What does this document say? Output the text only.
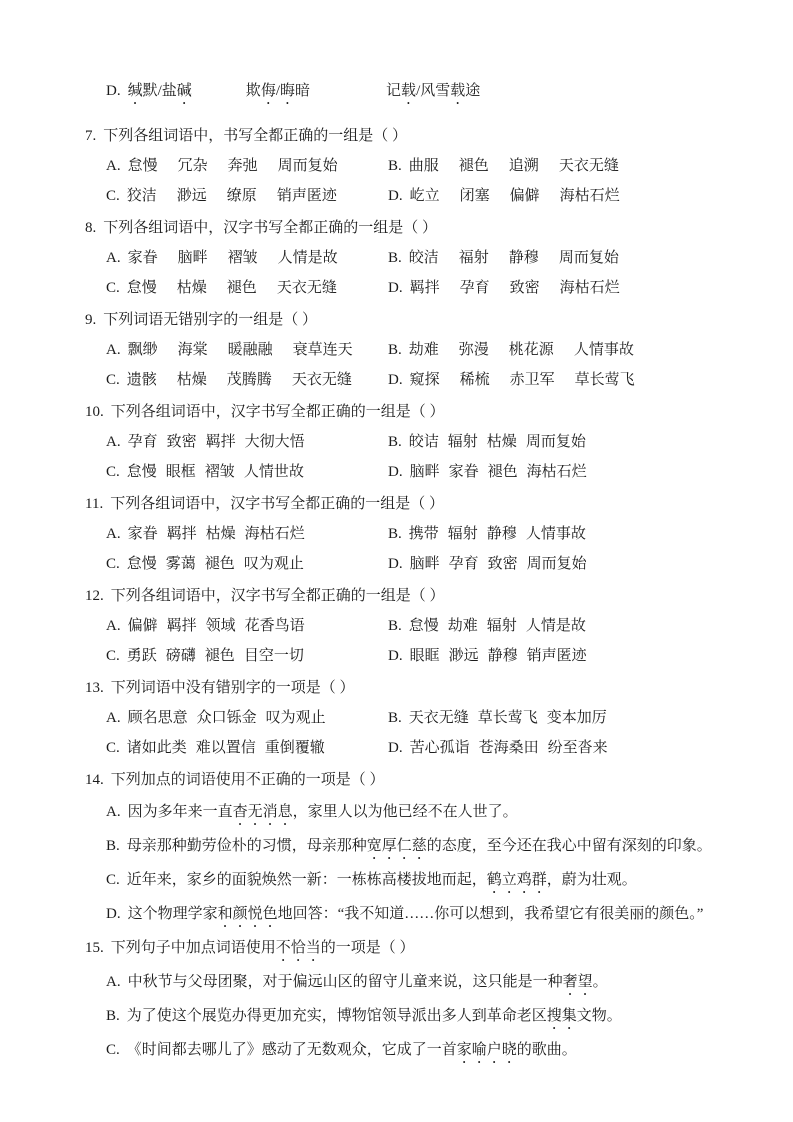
D. 缄默/盐碱	欺侮/晦暗	记载/风雪载途
7. 下列各组词语中，书写全都正确的一组是（ ）
A. 怠慢 冗杂 奔弛 周而复始	B. 曲服 褪色 追溯 天衣无缝
C. 狡洁 渺远 缭原 销声匿迹	D. 屹立 闭塞 偏僻 海枯石烂
8. 下列各组词语中，汉字书写全都正确的一组是（ ）
A. 家眷 脑畔 褶皱 人情是故	B. 皎洁 福射 静穆 周而复始
C. 怠慢 枯燥 褪色 天衣无缝	D. 羁拌 孕育 致密 海枯石烂
9. 下列词语无错别字的一组是（ ）
A. 飘缈 海棠 暖融融 衰草连天	B. 劫难 弥漫 桃花源 人情事故
C. 遗骸 枯燥 茂腾腾 天衣无缝	D. 窥探 稀梳 赤卫军 草长莺飞
10. 下列各组词语中，汉字书写全都正确的一组是（ ）
A. 孕育 致密 羁拌 大彻大悟	B. 皎诘 辐射 枯燥 周而复始
C. 怠慢 眼框 褶皱 人情世故	D. 脑畔 家眷 褪色 海枯石烂
11. 下列各组词语中，汉字书写全都正确的一组是（ ）
A. 家眷 羁拌 枯燥 海枯石烂	B. 携带 辐射 静穆 人情事故
C. 怠慢 雾蔼 褪色 叹为观止	D. 脑畔 孕育 致密 周而复始
12. 下列各组词语中，汉字书写全都正确的一组是（ ）
A. 偏僻 羁拌 领域 花香鸟语	B. 怠慢 劫难 辐射 人情是故
C. 勇跃 磅礴 褪色 目空一切	D. 眼眶 渺远 静穆 销声匿迹
13. 下列词语中没有错别字的一项是（ ）
A. 顾名思意 众口铄金 叹为观止	B. 天衣无缝 草长莺飞 变本加厉
C. 诸如此类 难以置信 重倒覆辙	D. 苦心孤诣 苍海桑田 纷至沓来
14. 下列加点的词语使用不正确的一项是（ ）
A. 因为多年来一直杳无消息，家里人以为他已经不在人世了。
B. 母亲那种勤劳俭朴的习惯，母亲那种宽厚仁慈的态度，至今还在我心中留有深刻的印象。
C. 近年来，家乡的面貌焕然一新：一栋栋高楼拔地而起，鹤立鸡群，蔚为壮观。
D. 这个物理学家和颜悦色地回答：“我不知道……你可以想到，我希望它有很美丽的颜色。”
15. 下列句子中加点词语使用不恰当的一项是（ ）
A. 中秋节与父母团聚，对于偏远山区的留守儿童来说，这只能是一种奢望。
B. 为了使这个展览办得更加充实，博物馆领导派出多人到革命老区搜集文物。
C. 《时间都去哪儿了》感动了无数观众，它成了一首家喻户晓的歌曲。
